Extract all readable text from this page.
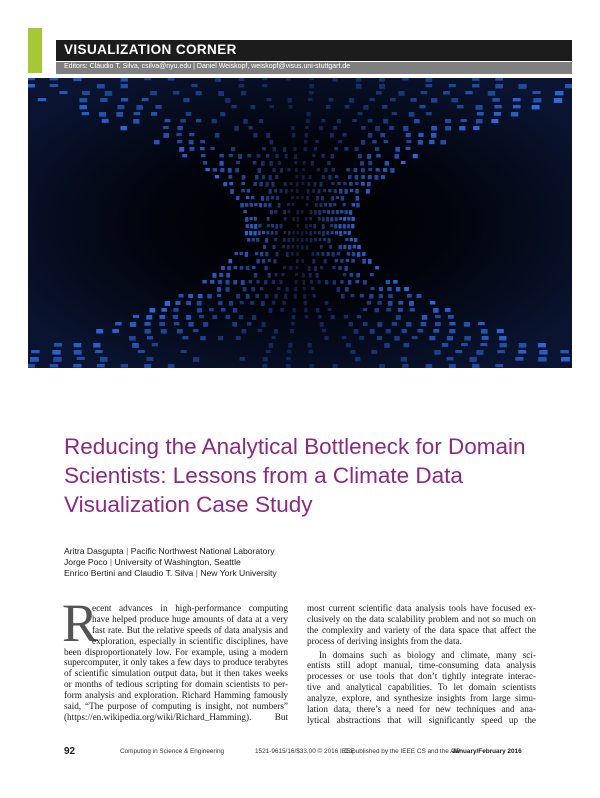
VISUALIZATION CORNER
Editors: Cláudio T. Silva, csilva@nyu.edu | Daniel Weiskopf, weiskopf@visus.uni-stuttgart.de
Reducing the Analytical Bottleneck for Domain
Scientists: Lessons from a Climate Data
Visualization Case Study
Aritra Dasgupta | Pacific Northwest National Laboratory
Jorge Poco | University of Washington, Seattle
Enrico Bertini and Claudio T. Silva | New York University
R
ecent advances in high-performance computing
have helped produce huge amounts of data at a very
fast rate. But the relative speeds of data analysis and
exploration, especially in scientific disciplines, have
been disproportionately low. For example, using a modern
supercomputer, it only takes a few days to produce terabytes
of scientific simulation output data, but it then takes weeks
or months of tedious scripting for domain scientists to per-
form analysis and exploration. Richard Hamming famously
said, “The purpose of computing is insight, not numbers”
(https://en.wikipedia.org/wiki/Richard_Hamming). But
most current scientific data analysis tools have focused ex-
clusively on the data scalability problem and not so much on
the complexity and variety of the data space that affect the
process of deriving insights from the data.
In domains such as biology and climate, many sci-
entists still adopt manual, time-consuming data analysis
processes or use tools that don’t tightly integrate interac-
tive and analytical capabilities. To let domain scientists
analyze, explore, and synthesize insights from large simu-
lation data, there’s a need for new techniques and ana-
lytical abstractions that will significantly speed up the
92	Computing in Science & Engineering	1521-9615/16/$33.00 © 2016 IEEE
Copublished by the IEEE CS and the AIP
January/February 2016
